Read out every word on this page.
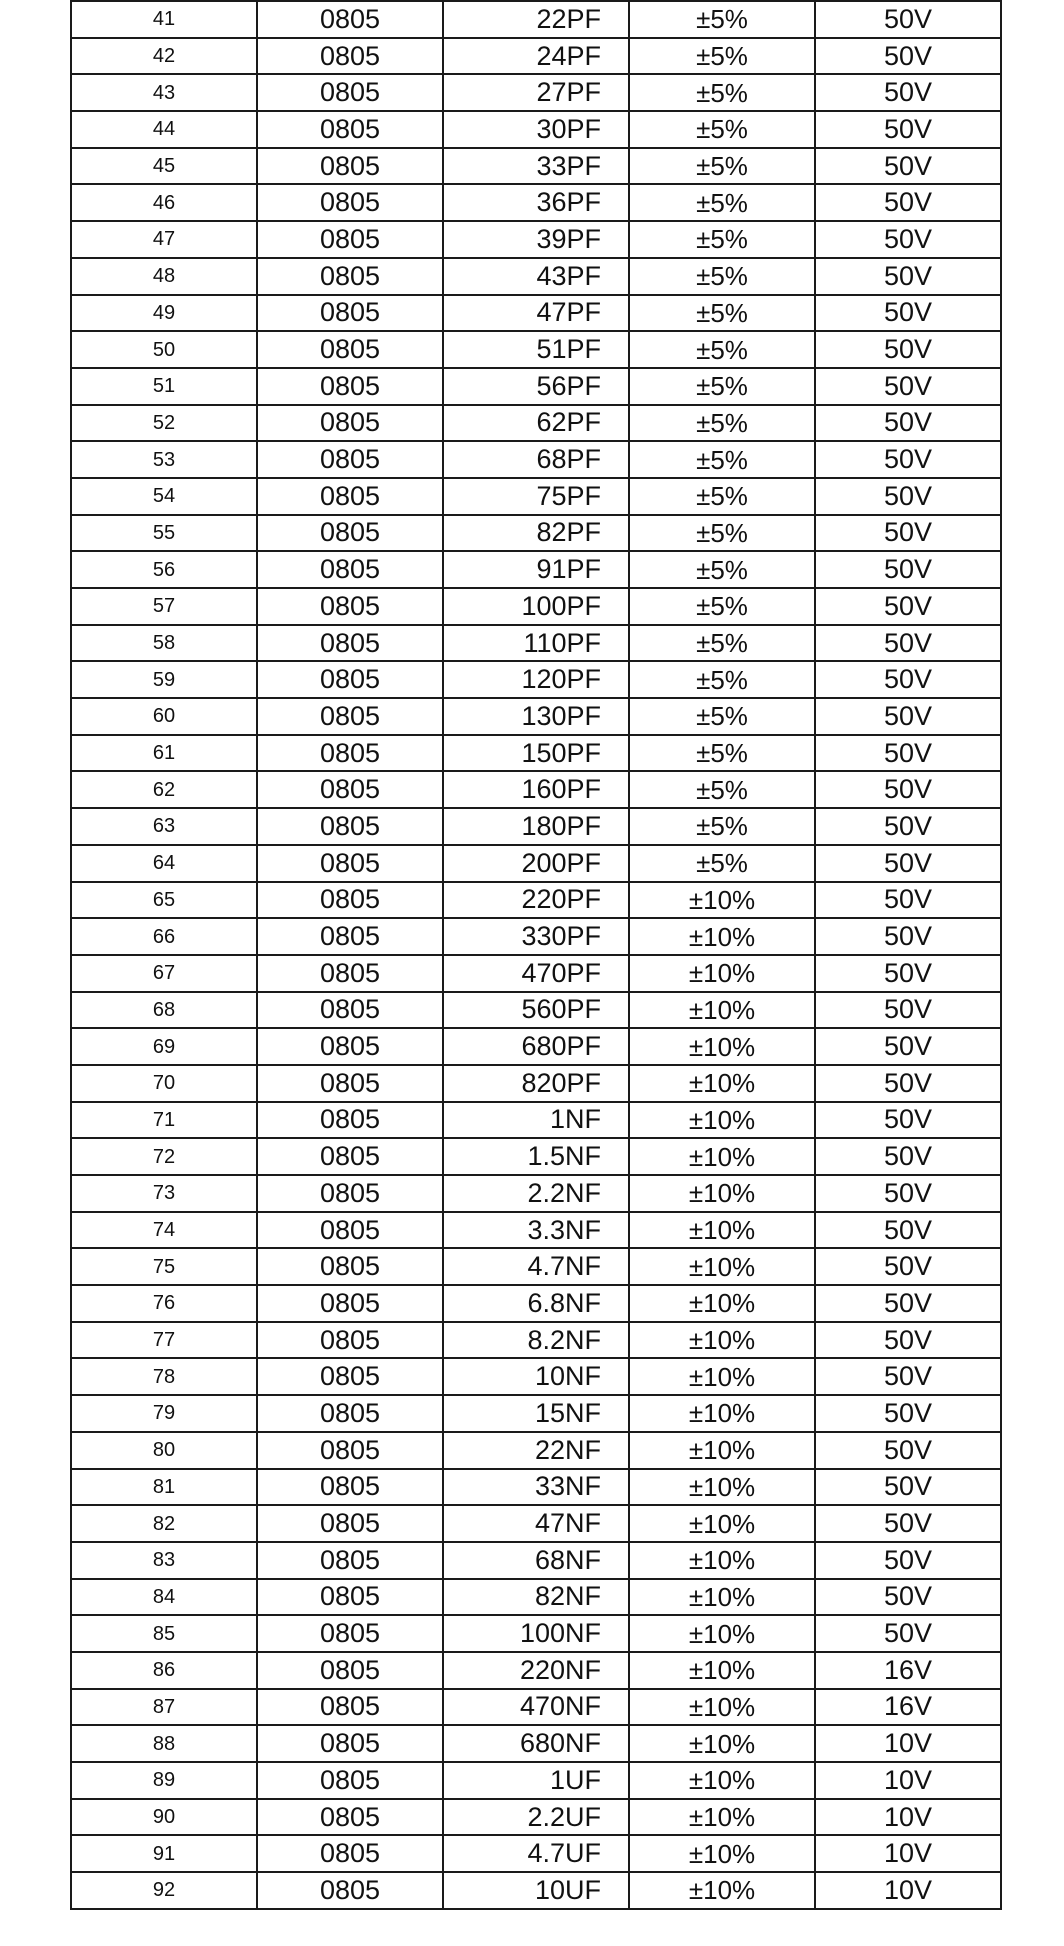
41	0805	22PF	±5%	50V
42	0805	24PF	±5%	50V
43	0805	27PF	±5%	50V
44	0805	30PF	±5%	50V
45	0805	33PF	±5%	50V
46	0805	36PF	±5%	50V
47	0805	39PF	±5%	50V
48	0805	43PF	±5%	50V
49	0805	47PF	±5%	50V
50	0805	51PF	±5%	50V
51	0805	56PF	±5%	50V
52	0805	62PF	±5%	50V
53	0805	68PF	±5%	50V
54	0805	75PF	±5%	50V
55	0805	82PF	±5%	50V
56	0805	91PF	±5%	50V
57	0805	100PF	±5%	50V
58	0805	110PF	±5%	50V
59	0805	120PF	±5%	50V
60	0805	130PF	±5%	50V
61	0805	150PF	±5%	50V
62	0805	160PF	±5%	50V
63	0805	180PF	±5%	50V
64	0805	200PF	±5%	50V
65	0805	220PF	±10%	50V
66	0805	330PF	±10%	50V
67	0805	470PF	±10%	50V
68	0805	560PF	±10%	50V
69	0805	680PF	±10%	50V
70	0805	820PF	±10%	50V
71	0805	1NF	±10%	50V
72	0805	1.5NF	±10%	50V
73	0805	2.2NF	±10%	50V
74	0805	3.3NF	±10%	50V
75	0805	4.7NF	±10%	50V
76	0805	6.8NF	±10%	50V
77	0805	8.2NF	±10%	50V
78	0805	10NF	±10%	50V
79	0805	15NF	±10%	50V
80	0805	22NF	±10%	50V
81	0805	33NF	±10%	50V
82	0805	47NF	±10%	50V
83	0805	68NF	±10%	50V
84	0805	82NF	±10%	50V
85	0805	100NF	±10%	50V
86	0805	220NF	±10%	16V
87	0805	470NF	±10%	16V
88	0805	680NF	±10%	10V
89	0805	1UF	±10%	10V
90	0805	2.2UF	±10%	10V
91	0805	4.7UF	±10%	10V
92	0805	10UF	±10%	10V
